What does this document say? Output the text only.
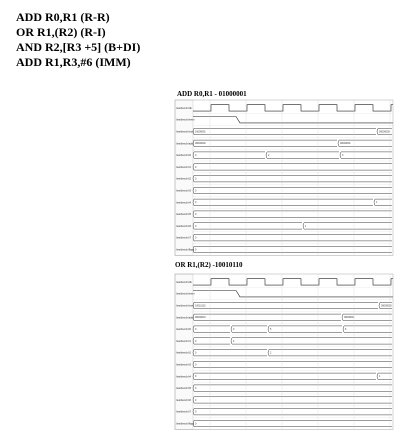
ADD R0,R1 (R-R)
OR R1,(R2) (R-I)
AND R2,[R3 +5] (B+DI)
ADD R1,R3,#6 (IMM)
ADD R0,R1 - 01000001
OR R1,(R2) -10010110
/testbench/clk
/testbench/reset
/testbench/instr 01000001	00000000
/testbench/addr 00000000	00000001
/testbench/r0 0	2	3
/testbench/r1 0
/testbench/r2 0
/testbench/r3 0
/testbench/r4 0	1
/testbench/r5 0
/testbench/r6 0	1
/testbench/r7 0
/testbench/flags 0
/testbench/clk
/testbench/reset
/testbench/instr 10010110	00000000
/testbench/addr 00000010	00000011
/testbench/r0 0	3	5	6
/testbench/r1 0	4
/testbench/r2 0	2
/testbench/r3 0
/testbench/r4 0	1
/testbench/r5 0
/testbench/r6 0
/testbench/r7 0
/testbench/flags 0
